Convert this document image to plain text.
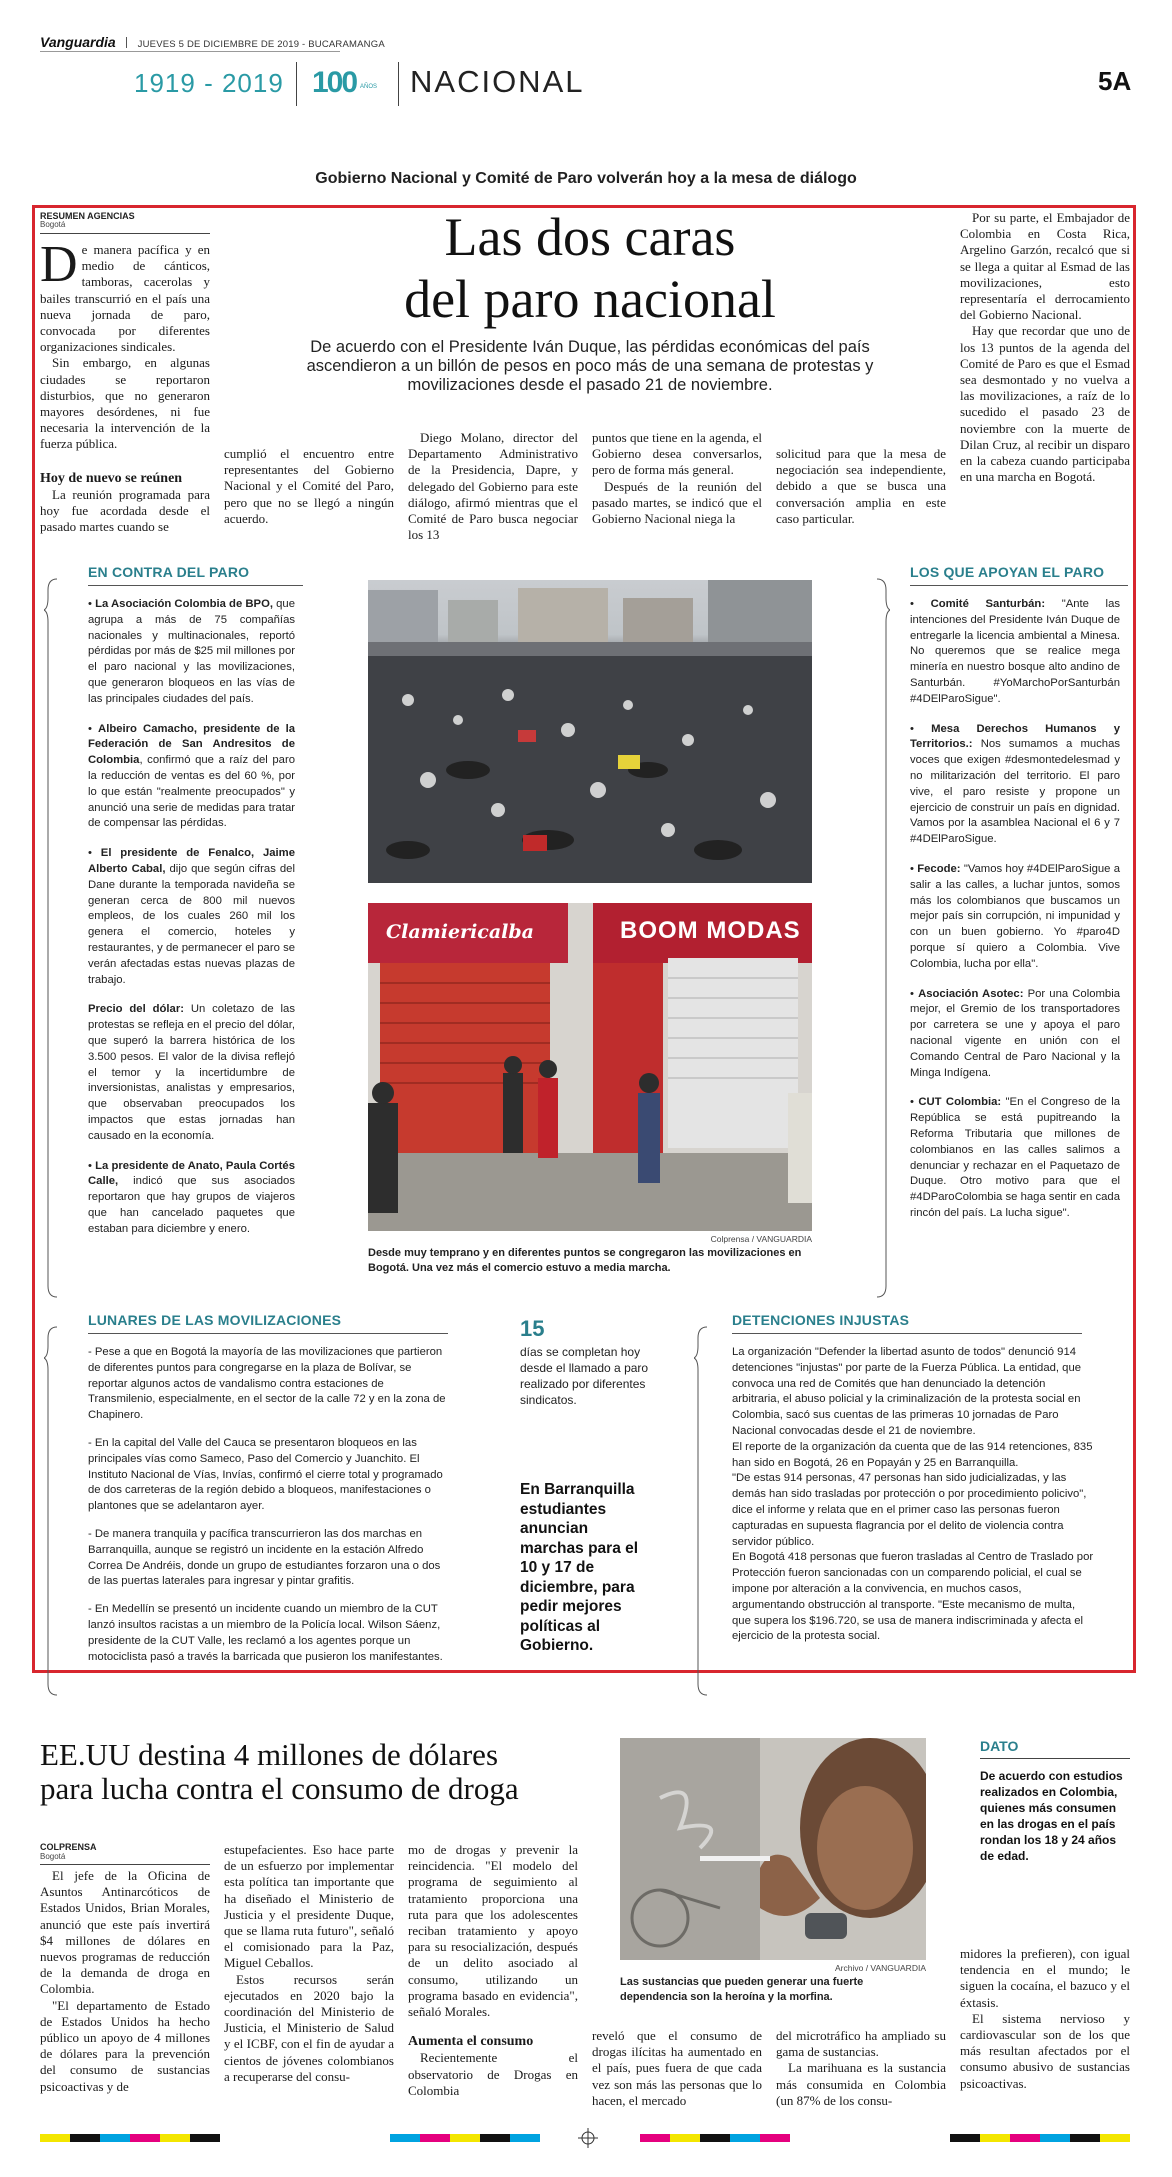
Vanguardia JUEVES 5 DE DICIEMBRE DE 2019 - BUCARAMANGA
1919 - 2019 100 AÑOS NACIONAL	5A
Gobierno Nacional y Comité de Paro volverán hoy a la mesa de diálogo
RESUMEN AGENCIAS
Bogotá	Las dos caras
del paro nacional
De acuerdo con el Presidente Iván Duque, las pérdidas económicas del país ascendieron a un billón de pesos en poco más de una semana de protestas y movilizaciones desde el pasado 21 de noviembre.

De manera pacífica y en medio de cánticos, tamboras, cacerolas y bailes transcurrió en el país una nueva jornada de paro, convocada por diferentes organizaciones sindicales.

Sin embargo, en algunas ciudades se reportaron disturbios, que no generaron mayores desórdenes, ni fue necesaria la intervención de la fuerza pública.

Hoy de nuevo se reúnen

La reunión programada para hoy fue acordada desde el pasado martes cuando se

cumplió el encuentro entre representantes del Gobierno Nacional y el Comité del Paro, pero que no se llegó a ningún acuerdo.

Diego Molano, director del Departamento Administrativo de la Presidencia, Dapre, y delegado del Gobierno para este diálogo, afirmó mientras que el Comité de Paro busca negociar los 13

puntos que tiene en la agenda, el Gobierno desea conversarlos, pero de forma más general.

Después de la reunión del pasado martes, se indicó que el Gobierno Nacional niega la

solicitud para que la mesa de negociación sea independiente, debido a que se busca una conversación amplia en este caso particular.

Por su parte, el Embajador de Colombia en Costa Rica, Argelino Garzón, recalcó que si se llega a quitar al Esmad de las movilizaciones, esto representaría el derrocamiento del Gobierno Nacional.

Hay que recordar que uno de los 13 puntos de la agenda del Comité de Paro es que el Esmad sea desmontado y no vuelva a las movilizaciones, a raíz de lo sucedido el pasado 23 de noviembre con la muerte de Dilan Cruz, al recibir un disparo en la cabeza cuando participaba en una marcha en Bogotá.

EN CONTRA DEL PARO

• La Asociación Colombia de BPO, que agrupa a más de 75 compañías nacionales y multinacionales, reportó pérdidas por más de $25 mil millones por el paro nacional y las movilizaciones, que generaron bloqueos en las vías de las principales ciudades del país.

• Albeiro Camacho, presidente de la Federación de San Andresitos de Colombia, confirmó que a raíz del paro la reducción de ventas es del 60 %, por lo que están "realmente preocupados" y anunció una serie de medidas para tratar de compensar las pérdidas.

• El presidente de Fenalco, Jaime Alberto Cabal, dijo que según cifras del Dane durante la temporada navideña se generan cerca de 800 mil nuevos empleos, de los cuales 260 mil los genera el comercio, hoteles y restaurantes, y de permanecer el paro se verán afectadas estas nuevas plazas de trabajo.

Precio del dólar: Un coletazo de las protestas se refleja en el precio del dólar, que superó la barrera histórica de los 3.500 pesos. El valor de la divisa reflejó el temor y la incertidumbre de inversionistas, analistas y empresarios, que observaban preocupados los impactos que estas jornadas han causado en la economía.

• La presidente de Anato, Paula Cortés Calle, indicó que sus asociados reportaron que hay grupos de viajeros que han cancelado paquetes que estaban para diciembre y enero.

Clamiericalba	BOOM MODAS
Colprensa / VANGUARDIA
Desde muy temprano y en diferentes puntos se congregaron las movilizaciones en Bogotá. Una vez más el comercio estuvo a media marcha.
LOS QUE APOYAN EL PARO

• Comité Santurbán: "Ante las intenciones del Presidente Iván Duque de entregarle la licencia ambiental a Minesa. No queremos que se realice mega minería en nuestro bosque alto andino de Santurbán. #YoMarchoPorSanturbán #4DElParoSigue".

• Mesa Derechos Humanos y Territorios.: Nos sumamos a muchas voces que exigen #desmontedelesmad y no militarización del territorio. El paro vive, el paro resiste y propone un ejercicio de construir un país en dignidad. Vamos por la asamblea Nacional el 6 y 7 #4DElParoSigue.

• Fecode: "Vamos hoy #4DElParoSigue a salir a las calles, a luchar juntos, somos más los colombianos que buscamos un mejor país sin corrupción, ni impunidad y con un buen gobierno. Yo #paro4D porque sí quiero a Colombia. Vive Colombia, lucha por ella".

• Asociación Asotec: Por una Colombia mejor, el Gremio de los transportadores por carretera se une y apoya el paro nacional vigente en unión con el Comando Central de Paro Nacional y la Minga Indígena.

• CUT Colombia: "En el Congreso de la República se está pupitreando la Reforma Tributaria que millones de colombianos en las calles salimos a denunciar y rechazar en el Paquetazo de Duque. Otro motivo para que el #4DParoColombia se haga sentir en cada rincón del país. La lucha sigue".

LUNARES DE LAS MOVILIZACIONES

- Pese a que en Bogotá la mayoría de las movilizaciones que partieron de diferentes puntos para congregarse en la plaza de Bolívar, se reportar algunos actos de vandalismo contra estaciones de Transmilenio, especialmente, en el sector de la calle 72 y en la zona de Chapinero.

- En la capital del Valle del Cauca se presentaron bloqueos en las principales vías como Sameco, Paso del Comercio y Juanchito. El Instituto Nacional de Vías, Invías, confirmó el cierre total y programado de dos carreteras de la región debido a bloqueos, manifestaciones o plantones que se adelantaron ayer.

- De manera tranquila y pacífica transcurrieron las dos marchas en Barranquilla, aunque se registró un incidente en la estación Alfredo Correa De Andréis, donde un grupo de estudiantes forzaron una o dos de las puertas laterales para ingresar y pintar grafitis.

- En Medellín se presentó un incidente cuando un miembro de la CUT lanzó insultos racistas a un miembro de la Policía local. Wilson Sáenz, presidente de la CUT Valle, les reclamó a los agentes porque un motociclista pasó a través la barricada que pusieron los manifestantes.

15
días se completan hoy desde el llamado a paro realizado por diferentes sindicatos.
En Barranquilla estudiantes anuncian marchas para el 10 y 17 de diciembre, para pedir mejores políticas al Gobierno.
DETENCIONES INJUSTAS

La organización "Defender la libertad asunto de todos" denunció 914 detenciones "injustas" por parte de la Fuerza Pública. La entidad, que convoca una red de Comités que han denunciado la detención arbitraria, el abuso policial y la criminalización de la protesta social en Colombia, sacó sus cuentas de las primeras 10 jornadas de Paro Nacional convocadas desde el 21 de noviembre.

El reporte de la organización da cuenta que de las 914 retenciones, 835 han sido en Bogotá, 26 en Popayán y 25 en Barranquilla.

"De estas 914 personas, 47 personas han sido judicializadas, y las demás han sido trasladas por protección o por procedimiento policivo", dice el informe y relata que en el primer caso las personas fueron capturadas en supuesta flagrancia por el delito de violencia contra servidor público.

En Bogotá 418 personas que fueron trasladas al Centro de Traslado por Protección fueron sancionadas con un comparendo policial, el cual se impone por alteración a la convivencia, en muchos casos, argumentando obstrucción al transporte. "Este mecanismo de multa, que supera los $196.720, se usa de manera indiscriminada y afecta el ejercicio de la protesta social.

EE.UU destina 4 millones de dólares
para lucha contra el consumo de droga
COLPRENSA
Bogotá

El jefe de la Oficina de Asuntos Antinarcóticos de Estados Unidos, Brian Morales, anunció que este país invertirá $4 millones de dólares en nuevos programas de reducción de la demanda de droga en Colombia.

"El departamento de Estado de Estados Unidos ha hecho público un apoyo de 4 millones de dólares para la prevención del consumo de sustancias psicoactivas y de

estupefacientes. Eso hace parte de un esfuerzo por implementar esta política tan importante que ha diseñado el Ministerio de Justicia y el presidente Duque, que se llama ruta futuro", señaló el comisionado para la Paz, Miguel Ceballos.

Estos recursos serán ejecutados en 2020 bajo la coordinación del Ministerio de Justicia, el Ministerio de Salud y el ICBF, con el fin de ayudar a cientos de jóvenes colombianos a recuperarse del consu-

mo de drogas y prevenir la reincidencia. "El modelo del programa de seguimiento al tratamiento proporciona una ruta para que los adolescentes reciban tratamiento y apoyo para su resocialización, después de un delito asociado al consumo, utilizando un programa basado en evidencia", señaló Morales.

Aumenta el consumo

Recientemente el observatorio de Drogas en Colombia

Archivo / VANGUARDIA
Las sustancias que pueden generar una fuerte dependencia son la heroína y la morfina.

reveló que el consumo de drogas ilícitas ha aumentado en el país, pues fuera de que cada vez son más las personas que lo hacen, el mercado

del microtráfico ha ampliado su gama de sustancias.

La marihuana es la sustancia más consumida en Colombia (un 87% de los consu-

DATO
De acuerdo con estudios realizados en Colombia, quienes más consumen en las drogas en el país rondan los 18 y 24 años de edad.

midores la prefieren), con igual tendencia en el mundo; le siguen la cocaína, el bazuco y el éxtasis.

El sistema nervioso y cardiovascular son de los que más resultan afectados por el consumo abusivo de sustancias psicoactivas.
